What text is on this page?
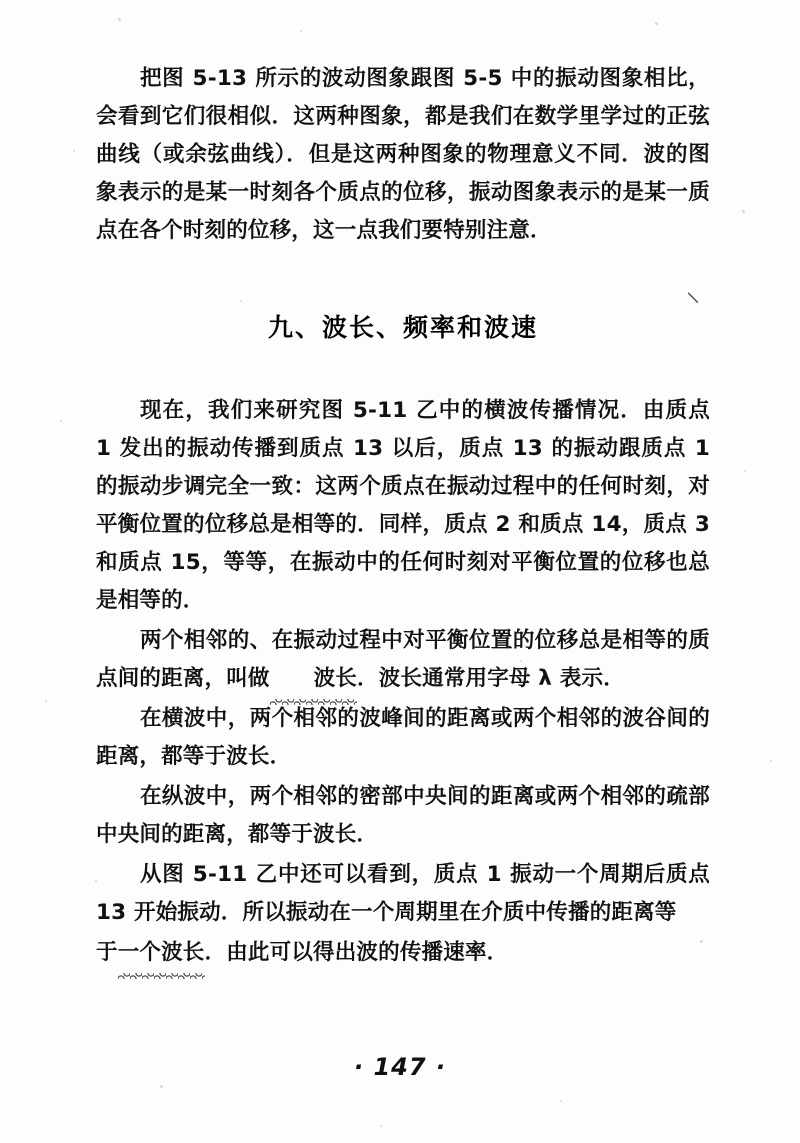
/

把图 5-13 所示的波动图象跟图 5-5 中的振动图象相比，会看到它们很相似．这两种图象，都是我们在数学里学过的正弦曲线（或余弦曲线）．但是这两种图象的物理意义不同．波的图象表示的是某一时刻各个质点的位移，振动图象表示的是某一质点在各个时刻的位移，这一点我们要特别注意．

九、波长、频率和波速

现在，我们来研究图 5-11 乙中的横波传播情况．由质点 1 发出的振动传播到质点 13 以后，质点 13 的振动跟质点 1 的振动步调完全一致：这两个质点在振动过程中的任何时刻，对平衡位置的位移总是相等的．同样，质点 2 和质点 14，质点 3 和质点 15，等等，在振动中的任何时刻对平衡位置的位移也总是相等的．

两个相邻的、在振动过程中对平衡位置的位移总是相等的质点间的距离，叫做 波长．波长通常用字母 λ 表示．

在横波中，两个相邻的波峰间的距离或两个相邻的波谷间的距离，都等于波长．

在纵波中，两个相邻的密部中央间的距离或两个相邻的疏部中央间的距离，都等于波长．

从图 5-11 乙中还可以看到，质点 1 振动一个周期后质点 13 开始振动．所以振动在一个周期里在介质中传播的距离等

于一个波长．由此可以得出波的传播速率．

· 147 ·
